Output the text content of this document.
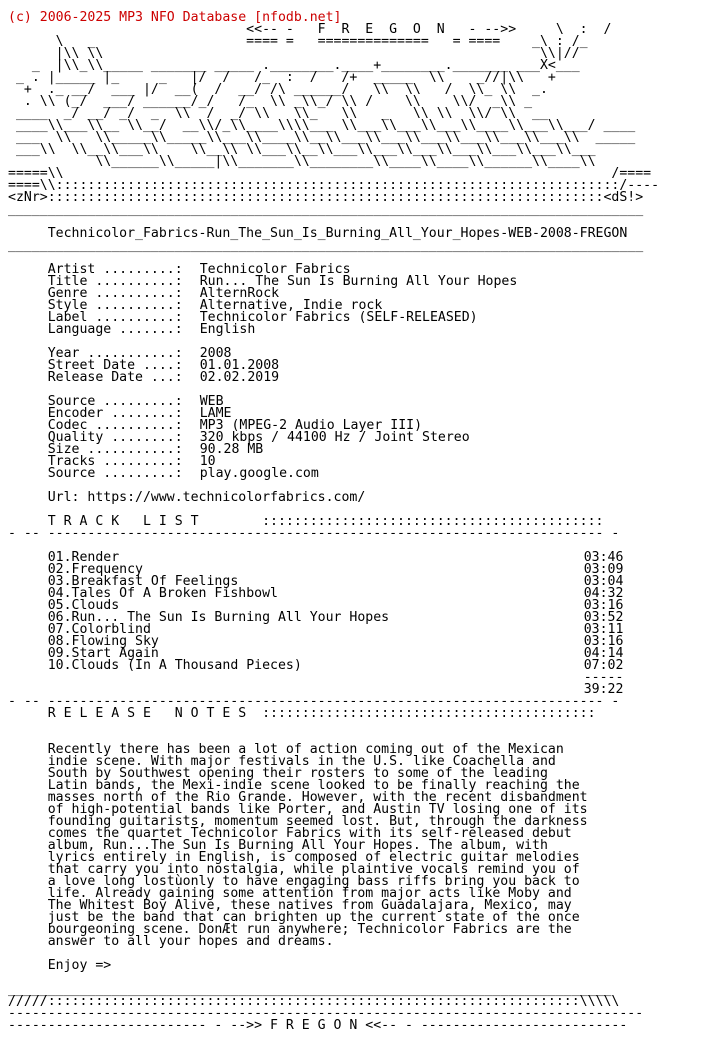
(c) 2006-2025 MP3 NFO Database [nfodb.net]
<<-- -   F  R  E  G  O  N   - -->>     \  :  /
\   _                   ==== =   ==============   = ====    _\ : /_
|\\ \\                                                       \\|//
_  |\\_\\_____ _______ _____ .________.____+________._______ ___X<___
_ . |_____ |_     _   |/  /   /_  :  /   /+  _____  \\    _//|\\   +
+  ._ __/  ___ |/  __(  /  __/ /\ ______/   \\  \\   /  \\_ \\  _.
. \\ (_/  ___/ ______/_/   /_  \\ _\\_/ \\ /    \\    \\/  _\\ _
____  _/ __/ _/  _  \\  /  _/ \\   \\_   \\   _   \\ \\  \\/ \\  __
____\\___\\__ \\__/  __\\/_\\____\\\\___ \\___\\___\\___\\____\\___\\___/ ____
___  \\   \\_____\\_____\\___\\____\\__\\___\\___\\___\\___\\___\\___\\  _____
___\\  \\__\\___\\    \\__\\ \\___\\__\\___\\___\\___\\___\\___\\___\\___
\\______\\_____|\\_______\\________\\____\\____\\______\\____\\
=====\\                                                                     /====
====\\:::::::::::::::::::::::::::::::::::::::::::::::::::::::::::::::::::::::/----
<zNr>::::::::::::::::::::::::::::::::::::::::::::::::::::::::::::::::::::::<dS!>
________________________________________________________________________________

Technicolor_Fabrics-Run_The_Sun_Is_Burning_All_Your_Hopes-WEB-2008-FREGON
________________________________________________________________________________

Artist .........: Technicolor Fabrics
Title ..........: Run... The Sun Is Burning All Your Hopes
Genre ..........: AlternRock
Style ..........: Alternative, Indie rock
Label ..........: Technicolor Fabrics (SELF-RELEASED)
Language .......: English

Year ...........: 2008
Street Date ....: 01.01.2008
Release Date ...: 02.02.2019

Source .........: WEB
Encoder ........: LAME
Codec ..........: MP3 (MPEG-2 Audio Layer III)
Quality ........: 320 kbps / 44100 Hz / Joint Stereo
Size ...........: 90.28 MB
Tracks .........: 10
Source .........: play.google.com

Url: https://www.technicolorfabrics.com/

T R A C K   L I S T        :::::::::::::::::::::::::::::::::::::::::::
- -- ---------------------------------------------------------------------- -

01.Render	03:46
02.Frequency	03:09
03.Breakfast Of Feelings	03:04
04.Tales Of A Broken Fishbowl	04:32
05.Clouds	03:16
06.Run... The Sun Is Burning All Your Hopes	03:52
07.Colorblind	03:11
08.Flowing Sky	03:16
09.Start Again	04:14
10.Clouds (In A Thousand Pieces)	07:02
-----
39:22
- -- ---------------------------------------------------------------------- -
R E L E A S E   N O T E S  ::::::::::::::::::::::::::::::::::::::::::

Recently there has been a lot of action coming out of the Mexican
indie scene. With major festivals in the U.S. like Coachella and
South by Southwest opening their rosters to some of the leading
Latin bands, the Mexi-indie scene looked to be finally reaching the
masses north of the Rio Grande. However, with the recent disbandment
of high-potential bands like Porter, and Austin TV losing one of its
founding guitarists, momentum seemed lost. But, through the darkness
comes the quartet Technicolor Fabrics with its self-released debut
album, Run...The Sun Is Burning All Your Hopes. The album, with
lyrics entirely in English, is composed of electric guitar melodies
that carry you into nostalgia, while plaintive vocals remind you of
a love long lostùonly to have engaging bass riffs bring you back to
life. Already gaining some attention from major acts like Moby and
The Whitest Boy Alive, these natives from Guadalajara, Mexico, may
just be the band that can brighten up the current state of the once
bourgeoning scene. DonÆt run anywhere; Technicolor Fabrics are the
answer to all your hopes and dreams.

Enjoy =>

____________________________________________________________________________
/////:::::::::::::::::::::::::::::::::::::::::::::::::::::::::::::::::::\\\\\
--------------------------------------------------------------------------------
------------------------- - -->> F R E G O N <<-- - --------------------------
